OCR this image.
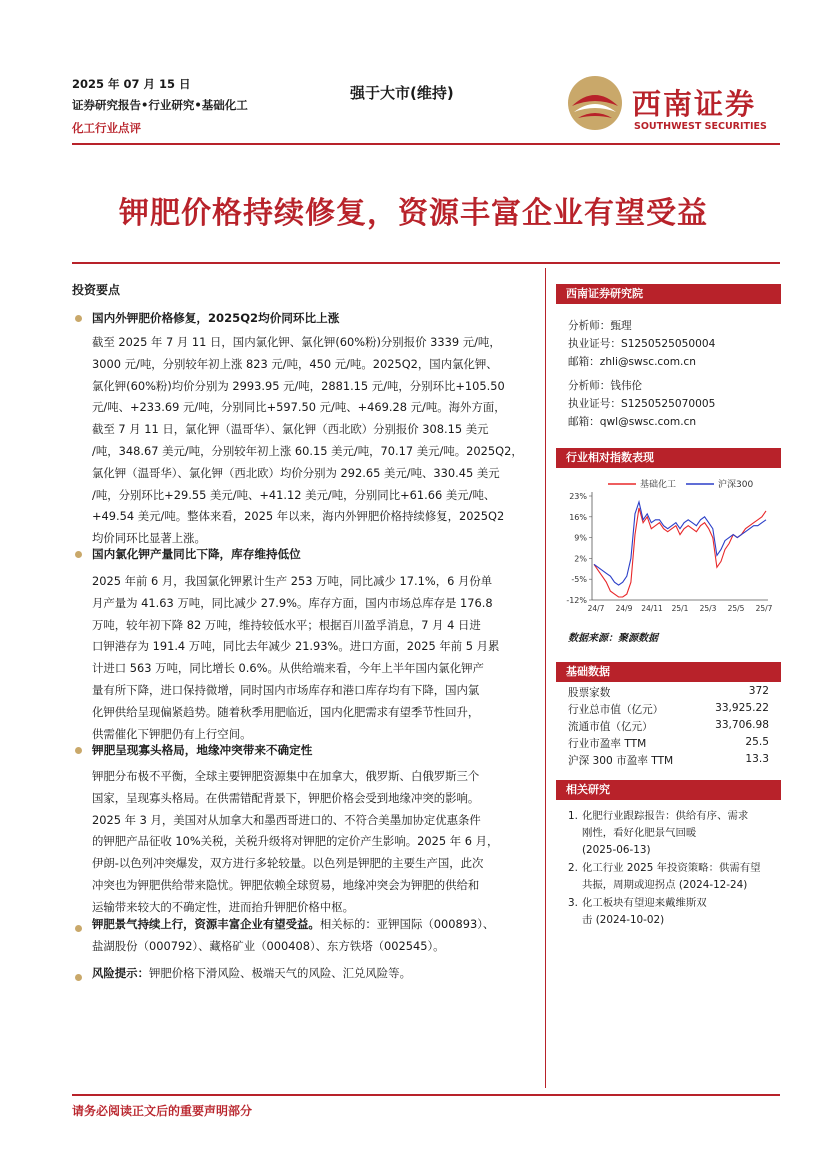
2025 年 07 月 15 日
证券研究报告•行业研究•基础化工
化工行业点评
强于大市(维持)	西南证券
SOUTHWEST SECURITIES
钾肥价格持续修复，资源丰富企业有望受益
投资要点
国内外钾肥价格修复，2025Q2均价同环比上涨
截至 2025 年 7 月 11 日，国内氯化钾、氯化钾(60%粉)分别报价 3339 元/吨，
3000 元/吨，分别较年初上涨 823 元/吨，450 元/吨。2025Q2，国内氯化钾、
氯化钾(60%粉)均价分别为 2993.95 元/吨，2881.15 元/吨，分别环比+105.50
元/吨、+233.69 元/吨，分别同比+597.50 元/吨、+469.28 元/吨。海外方面，
截至 7 月 11 日，氯化钾（温哥华）、氯化钾（西北欧）分别报价 308.15 美元
/吨，348.67 美元/吨，分别较年初上涨 60.15 美元/吨，70.17 美元/吨。2025Q2，
氯化钾（温哥华）、氯化钾（西北欧）均价分别为 292.65 美元/吨、330.45 美元
/吨，分别环比+29.55 美元/吨、+41.12 美元/吨，分别同比+61.66 美元/吨、
+49.54 美元/吨。整体来看，2025 年以来，海内外钾肥价格持续修复，2025Q2
均价同环比显著上涨。
国内氯化钾产量同比下降，库存维持低位
2025 年前 6 月，我国氯化钾累计生产 253 万吨，同比减少 17.1%，6 月份单
月产量为 41.63 万吨，同比减少 27.9%。库存方面，国内市场总库存是 176.8
万吨，较年初下降 82 万吨，维持较低水平；根据百川盈孚消息，7 月 4 日进
口钾港存为 191.4 万吨，同比去年减少 21.93%。进口方面，2025 年前 5 月累
计进口 563 万吨，同比增长 0.6%。从供给端来看，今年上半年国内氯化钾产
量有所下降，进口保持微增，同时国内市场库存和港口库存均有下降，国内氯
化钾供给呈现偏紧趋势。随着秋季用肥临近，国内化肥需求有望季节性回升，
供需催化下钾肥仍有上行空间。
钾肥呈现寡头格局，地缘冲突带来不确定性
钾肥分布极不平衡，全球主要钾肥资源集中在加拿大，俄罗斯、白俄罗斯三个
国家，呈现寡头格局。在供需错配背景下，钾肥价格会受到地缘冲突的影响。
2025 年 3 月，美国对从加拿大和墨西哥进口的、不符合美墨加协定优惠条件
的钾肥产品征收 10%关税，关税升级将对钾肥的定价产生影响。2025 年 6 月，
伊朗-以色列冲突爆发，双方进行多轮较量。以色列是钾肥的主要生产国，此次
冲突也为钾肥供给带来隐忧。钾肥依赖全球贸易，地缘冲突会为钾肥的供给和
运输带来较大的不确定性，进而抬升钾肥价格中枢。
钾肥景气持续上行，资源丰富企业有望受益。相关标的：亚钾国际（000893）、
盐湖股份（000792）、藏格矿业（000408）、东方铁塔（002545）。
风险提示：钾肥价格下滑风险、极端天气的风险、汇兑风险等。
西南证券研究院
分析师：甄理
执业证号：S1250525050004
邮箱：zhli@swsc.com.cn
分析师：钱伟伦
执业证号：S1250525070005
邮箱：qwl@swsc.com.cn
行业相对指数表现
基础化工	沪深300
23%
16%
9%
2%
-5%
-12%
24/7 24/9 24/11 25/1 25/3 25/5 25/7
数据来源：聚源数据
基础数据
股票家数	372
行业总市值（亿元）	33,925.22
流通市值（亿元）	33,706.98
行业市盈率 TTM	25.5
沪深 300 市盈率 TTM	13.3
相关研究
1. 化肥行业跟踪报告：供给有序、需求
刚性，看好化肥景气回暖
(2025-06-13)
2. 化工行业 2025 年投资策略：供需有望
共振，周期或迎拐点 (2024-12-24)
3. 化工板块有望迎来戴维斯双
击 (2024-10-02)
请务必阅读正文后的重要声明部分
